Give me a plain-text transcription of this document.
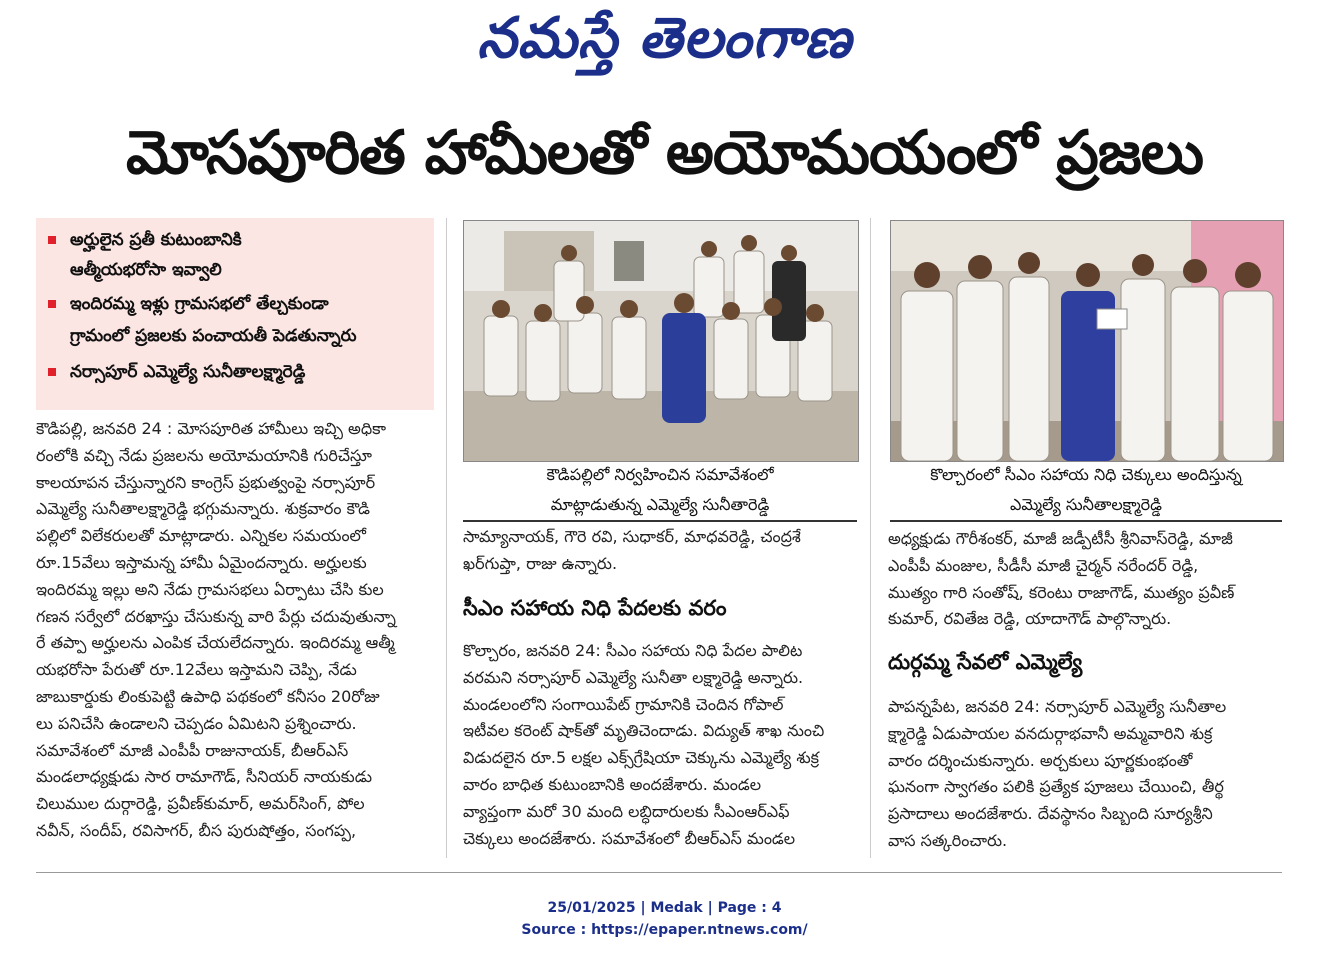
నమస్తే తెలంగాణ
మోసపూరిత హామీలతో అయోమయంలో ప్రజలు
అర్హులైన ప్రతీ కుటుంబానికి
ఆత్మీయభరోసా ఇవ్వాలి
ఇందిరమ్మ ఇళ్లు గ్రామసభలో తేల్చకుండా
గ్రామంలో ప్రజలకు పంచాయతీ పెడతున్నారు
నర్సాపూర్ ఎమ్మెల్యే సునీతాలక్ష్మారెడ్డి
కౌడిపల్లి, జనవరి 24 : మోసపూరిత హామీలు ఇచ్చి అధికా
రంలోకి వచ్చి నేడు ప్రజలను అయోమయానికి గురిచేస్తూ
కాలయాపన చేస్తున్నారని కాంగ్రెస్ ప్రభుత్వంపై నర్సాపూర్
ఎమ్మెల్యే సునీతాలక్ష్మారెడ్డి భగ్గుమన్నారు. శుక్రవారం కౌడి
పల్లిలో విలేకరులతో మాట్లాడారు. ఎన్నికల సమయంలో
రూ.15వేలు ఇస్తామన్న హామీ ఏమైందన్నారు. అర్హులకు
ఇందిరమ్మ ఇల్లు అని నేడు గ్రామసభలు ఏర్పాటు చేసి కుల
గణన సర్వేలో దరఖాస్తు చేసుకున్న వారి పేర్లు చదువుతున్నా
రే తప్పా అర్హులను ఎంపిక చేయలేదన్నారు. ఇందిరమ్మ ఆత్మీ
యభరోసా పేరుతో రూ.12వేలు ఇస్తామని చెప్పి, నేడు
జాబుకార్డుకు లింకుపెట్టి ఉపాధి పథకంలో కనీసం 20రోజు
లు పనిచేసి ఉండాలని చెప్పడం ఏమిటని ప్రశ్నించారు.
సమావేశంలో మాజీ ఎంపీపీ రాజునాయక్, బీఆర్ఎస్
మండలాధ్యక్షుడు సార రామాగౌడ్, సీనియర్ నాయకుడు
చిలుముల దుర్గారెడ్డి, ప్రవీణ్‌కుమార్, అమర్‌సింగ్, పోల
నవీన్, సందీప్, రవిసాగర్, బీస పురుషోత్తం, సంగప్ప,
కౌడిపల్లిలో నిర్వహించిన సమావేశంలో
మాట్లాడుతున్న ఎమ్మెల్యే సునీతారెడ్డి
కొల్చారంలో సీఎం సహాయ నిధి చెక్కులు అందిస్తున్న
ఎమ్మెల్యే సునీతాలక్ష్మారెడ్డి
సామ్యానాయక్, గౌరె రవి, సుధాకర్, మాధవరెడ్డి, చంద్రశే
ఖర్‌గుప్తా, రాజు ఉన్నారు.
సీఎం సహాయ నిధి పేదలకు వరం
కొల్చారం, జనవరి 24: సీఎం సహాయ నిధి పేదల పాలిట
వరమని నర్సాపూర్ ఎమ్మెల్యే సునీతా లక్ష్మారెడ్డి అన్నారు.
మండలంలోని సంగాయిపేట్ గ్రామానికి చెందిన గోపాల్
ఇటీవల కరెంట్ షాక్‌తో మృతిచెందాడు. విద్యుత్ శాఖ నుంచి
విడుదలైన రూ.5 లక్షల ఎక్స్‌గ్రేషియా చెక్కును ఎమ్మెల్యే శుక్ర
వారం బాధిత కుటుంబానికి అందజేశారు. మండల
వ్యాప్తంగా మరో 30 మంది లబ్ధిదారులకు సీఎంఆర్ఎఫ్
చెక్కులు అందజేశారు. సమావేశంలో బీఆర్ఎస్ మండల
అధ్యక్షుడు గౌరీశంకర్, మాజీ జడ్పీటీసీ శ్రీనివాస్‌రెడ్డి, మాజీ
ఎంపీపీ మంజుల, సీడీసీ మాజీ చైర్మన్ నరేందర్ రెడ్డి,
ముత్యం గారి సంతోష్, కరెంటు రాజాగౌడ్, ముత్యం ప్రవీణ్
కుమార్, రవితేజ రెడ్డి, యాదాగౌడ్ పాల్గొన్నారు.
దుర్గమ్మ సేవలో ఎమ్మెల్యే
పాపన్నపేట, జనవరి 24: నర్సాపూర్ ఎమ్మెల్యే సునీతాల
క్ష్మారెడ్డి ఏడుపాయల వనదుర్గాభవానీ అమ్మవారిని శుక్ర
వారం దర్శించుకున్నారు. అర్చకులు పూర్ణకుంభంతో
ఘనంగా స్వాగతం పలికి ప్రత్యేక పూజలు చేయించి, తీర్థ
ప్రసాదాలు అందజేశారు. దేవస్థానం సిబ్బంది సూర్యశ్రీని
వాస సత్కరించారు.
25/01/2025 | Medak | Page : 4
Source : https://epaper.ntnews.com/
